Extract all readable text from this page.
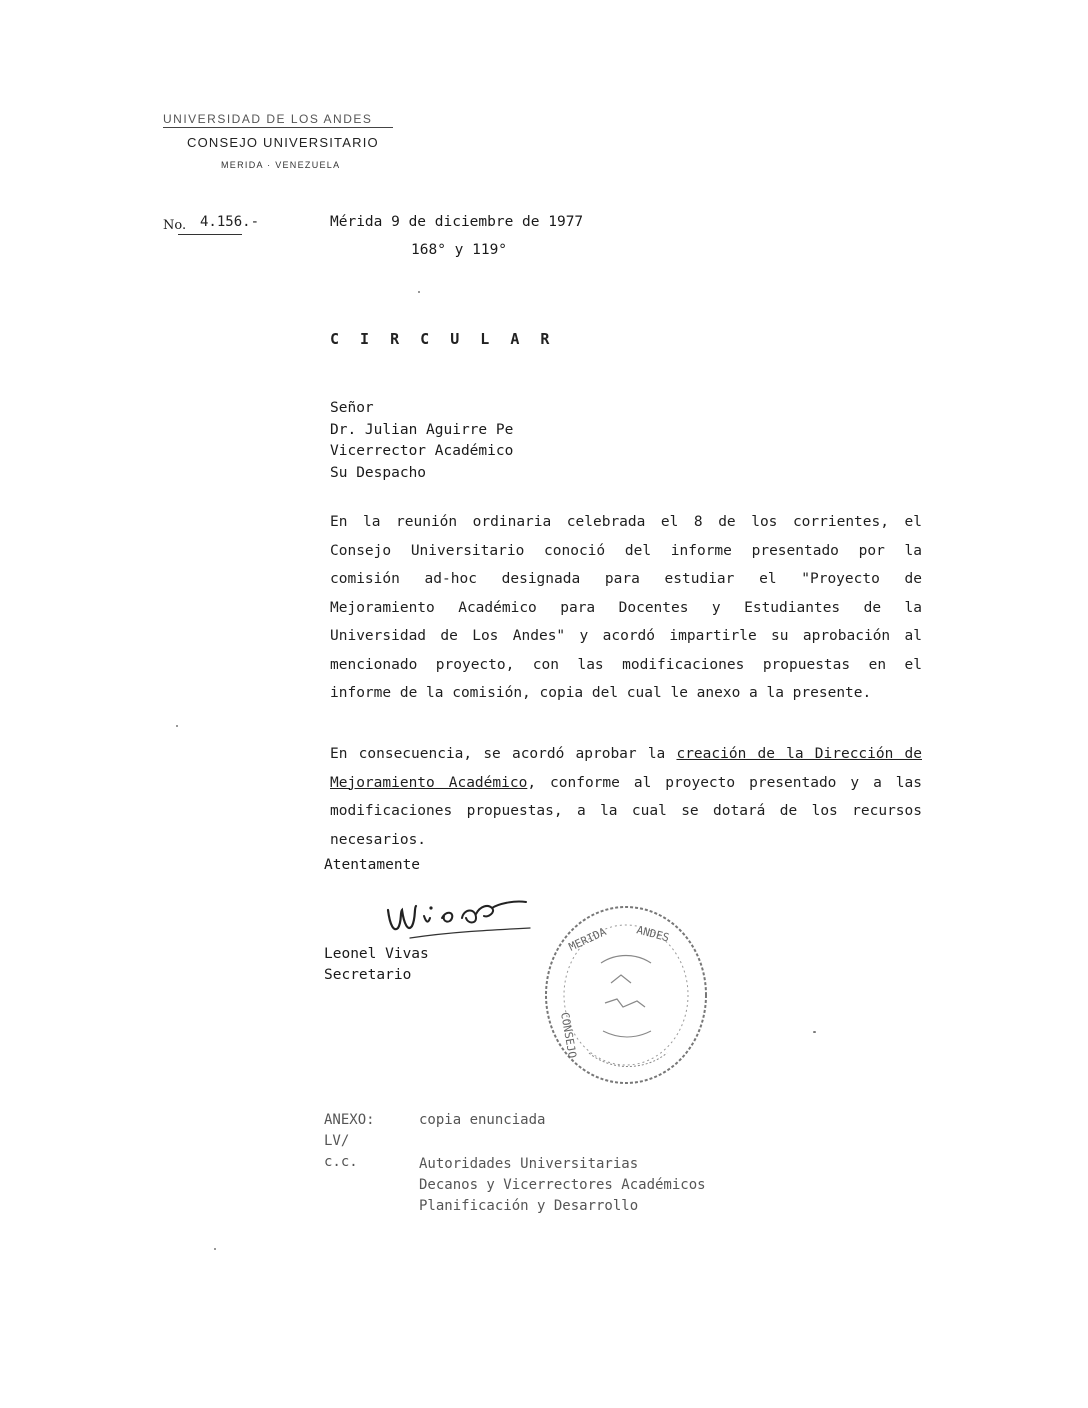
UNIVERSIDAD DE LOS ANDES
CONSEJO UNIVERSITARIO
MERIDA · VENEZUELA
No. 4.156.-	Mérida 9 de diciembre de 1977
168° y 119°
C I R C U L A R
Señor
Dr. Julian Aguirre Pe
Vicerrector Académico
Su Despacho

En la reunión ordinaria celebrada el 8 de los corrientes, el Consejo Universitario conoció del informe presentado por la comisión ad-hoc designada para estudiar el "Proyecto de Mejoramiento Académico para Docentes y Estudiantes de la Universidad de Los Andes" y acordó impartirle su aprobación al mencionado proyecto, con las modificaciones propuestas en el informe de la comisión, copia del cual le anexo a la presente.

En consecuencia, se acordó aprobar la creación de la Dirección de Mejoramiento Académico, conforme al proyecto presentado y a las modificaciones propuestas, a la cual se dotará de los recursos necesarios.

Atentamente
Leonel Vivas
Secretario
MERIDA ANDES
CONSEJO
ANEXO:	copia enunciada
LV/
c.c.	Autoridades Universitarias
Decanos y Vicerrectores Académicos
Planificación y Desarrollo
